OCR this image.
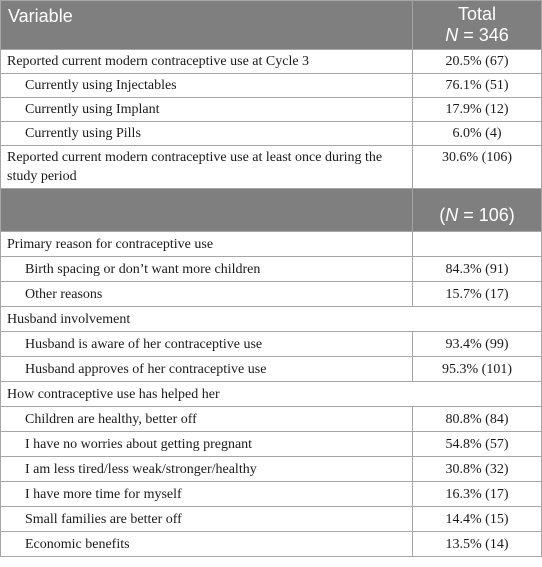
Variable	Total
N = 346

Reported current modern contraceptive use at Cycle 3	20.5% (67)
Currently using Injectables	76.1% (51)
Currently using Implant	17.9% (12)
Currently using Pills	6.0% (4)
Reported current modern contraceptive use at least once during the study period	30.6% (106)
	(N = 106)
Primary reason for contraceptive use	
Birth spacing or don’t want more children	84.3% (91)
Other reasons	15.7% (17)
Husband involvement	
Husband is aware of her contraceptive use	93.4% (99)
Husband approves of her contraceptive use	95.3% (101)
How contraceptive use has helped her	
Children are healthy, better off	80.8% (84)
I have no worries about getting pregnant	54.8% (57)
I am less tired/less weak/stronger/healthy	30.8% (32)
I have more time for myself	16.3% (17)
Small families are better off	14.4% (15)
Economic benefits	13.5% (14)
